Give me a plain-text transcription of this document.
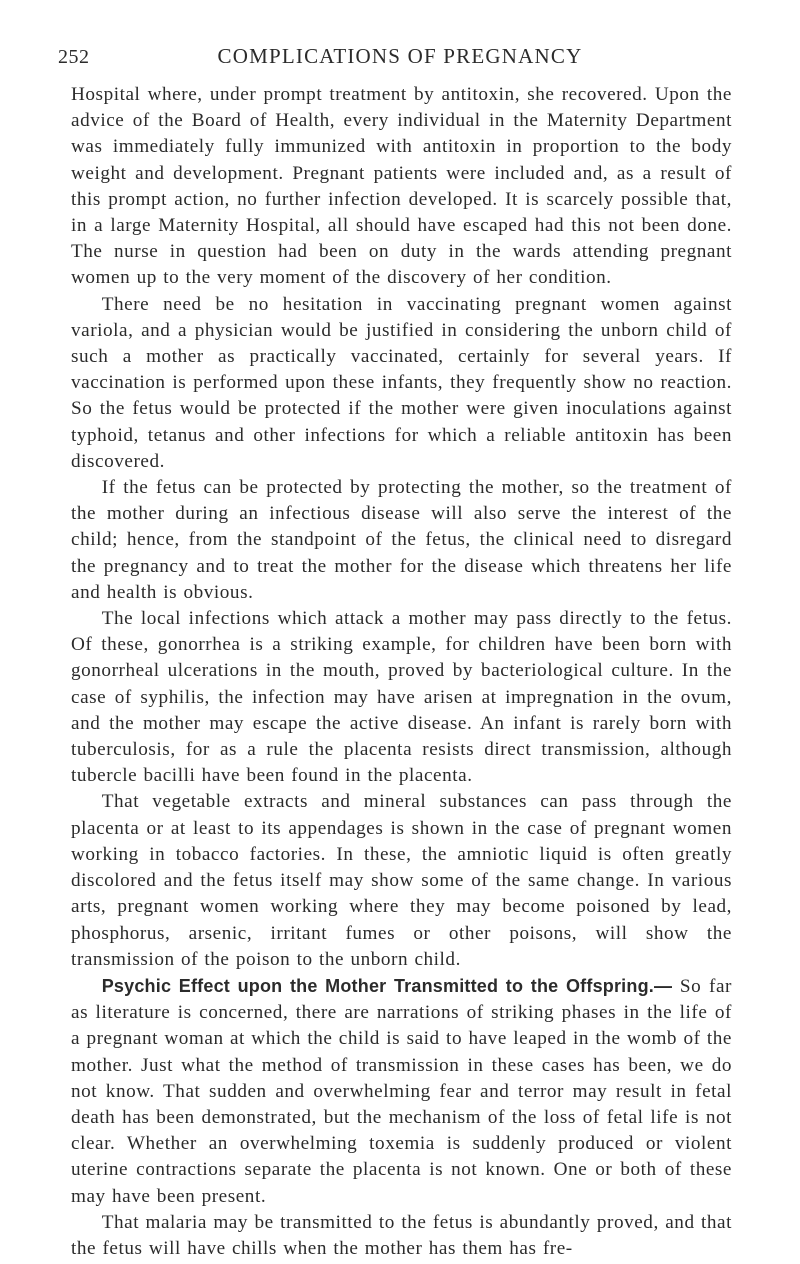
252	COMPLICATIONS OF PREGNANCY

Hospital where, under prompt treatment by antitoxin, she recovered. Upon the advice of the Board of Health, every individual in the Maternity Department was immediately fully immunized with antitoxin in proportion to the body weight and development. Pregnant patients were included and, as a result of this prompt action, no further infection developed. It is scarcely possible that, in a large Maternity Hospital, all should have escaped had this not been done. The nurse in question had been on duty in the wards attending pregnant women up to the very moment of the discovery of her condition.

There need be no hesitation in vaccinating pregnant women against variola, and a physician would be justified in considering the unborn child of such a mother as practically vaccinated, certainly for several years. If vaccination is performed upon these infants, they frequently show no reaction. So the fetus would be protected if the mother were given inoculations against typhoid, tetanus and other infections for which a reliable antitoxin has been discovered.

If the fetus can be protected by protecting the mother, so the treatment of the mother during an infectious disease will also serve the interest of the child; hence, from the standpoint of the fetus, the clinical need to disregard the pregnancy and to treat the mother for the disease which threatens her life and health is obvious.

The local infections which attack a mother may pass directly to the fetus. Of these, gonorrhea is a striking example, for children have been born with gonorrheal ulcerations in the mouth, proved by bacteriological culture. In the case of syphilis, the infection may have arisen at impregnation in the ovum, and the mother may escape the active disease. An infant is rarely born with tuberculosis, for as a rule the placenta resists direct transmission, although tubercle bacilli have been found in the placenta.

That vegetable extracts and mineral substances can pass through the placenta or at least to its appendages is shown in the case of pregnant women working in tobacco factories. In these, the amniotic liquid is often greatly discolored and the fetus itself may show some of the same change. In various arts, pregnant women working where they may become poisoned by lead, phosphorus, arsenic, irritant fumes or other poisons, will show the transmission of the poison to the unborn child.

Psychic Effect upon the Mother Transmitted to the Offspring.— So far as literature is concerned, there are narrations of striking phases in the life of a pregnant woman at which the child is said to have leaped in the womb of the mother. Just what the method of transmission in these cases has been, we do not know. That sudden and overwhelming fear and terror may result in fetal death has been demonstrated, but the mechanism of the loss of fetal life is not clear. Whether an overwhelming toxemia is suddenly produced or violent uterine contractions separate the placenta is not known. One or both of these may have been present.

That malaria may be transmitted to the fetus is abundantly proved, and that the fetus will have chills when the mother has them has fre-
